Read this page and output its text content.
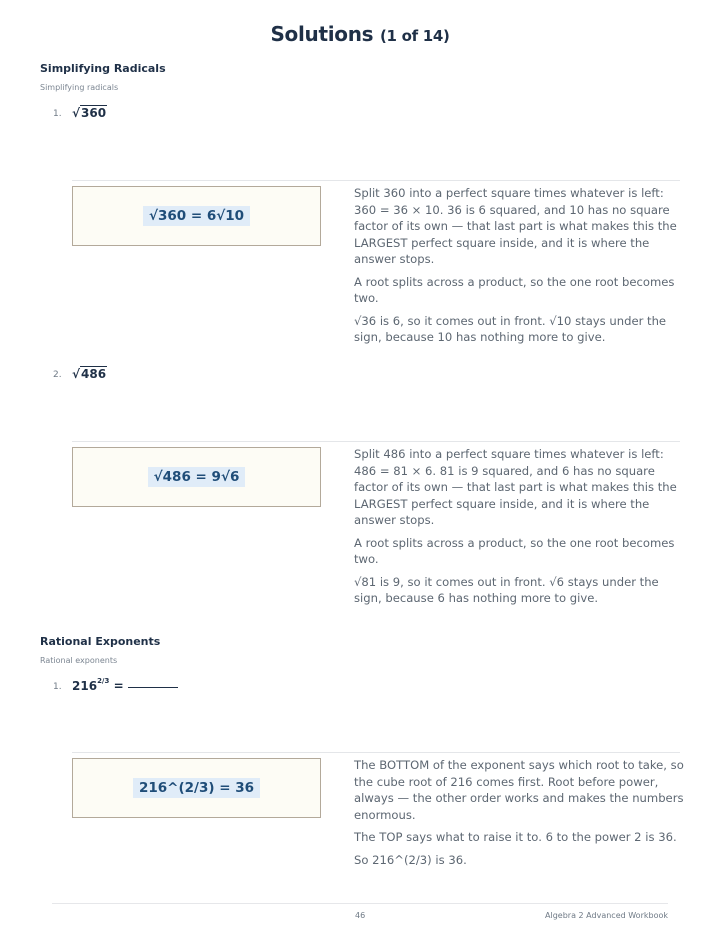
Solutions (1 of 14)
Simplifying Radicals
Simplifying radicals
1. √360
√360 = 6√10

Split 360 into a perfect square times whatever is left: 360 = 36 × 10. 36 is 6 squared, and 10 has no square factor of its own — that last part is what makes this the LARGEST perfect square inside, and it is where the answer stops.

A root splits across a product, so the one root becomes two.

√36 is 6, so it comes out in front. √10 stays under the sign, because 10 has nothing more to give.

2. √486
√486 = 9√6

Split 486 into a perfect square times whatever is left: 486 = 81 × 6. 81 is 9 squared, and 6 has no square factor of its own — that last part is what makes this the LARGEST perfect square inside, and it is where the answer stops.

A root splits across a product, so the one root becomes two.

√81 is 9, so it comes out in front. √6 stays under the sign, because 6 has nothing more to give.

Rational Exponents
Rational exponents
1. $216^{2/3}$ =
216^(2/3) = 36

The BOTTOM of the exponent says which root to take, so the cube root of 216 comes first. Root before power, always — the other order works and makes the numbers enormous.

The TOP says what to raise it to. 6 to the power 2 is 36.

So 216^(2/3) is 36.

46	Algebra 2 Advanced Workbook
